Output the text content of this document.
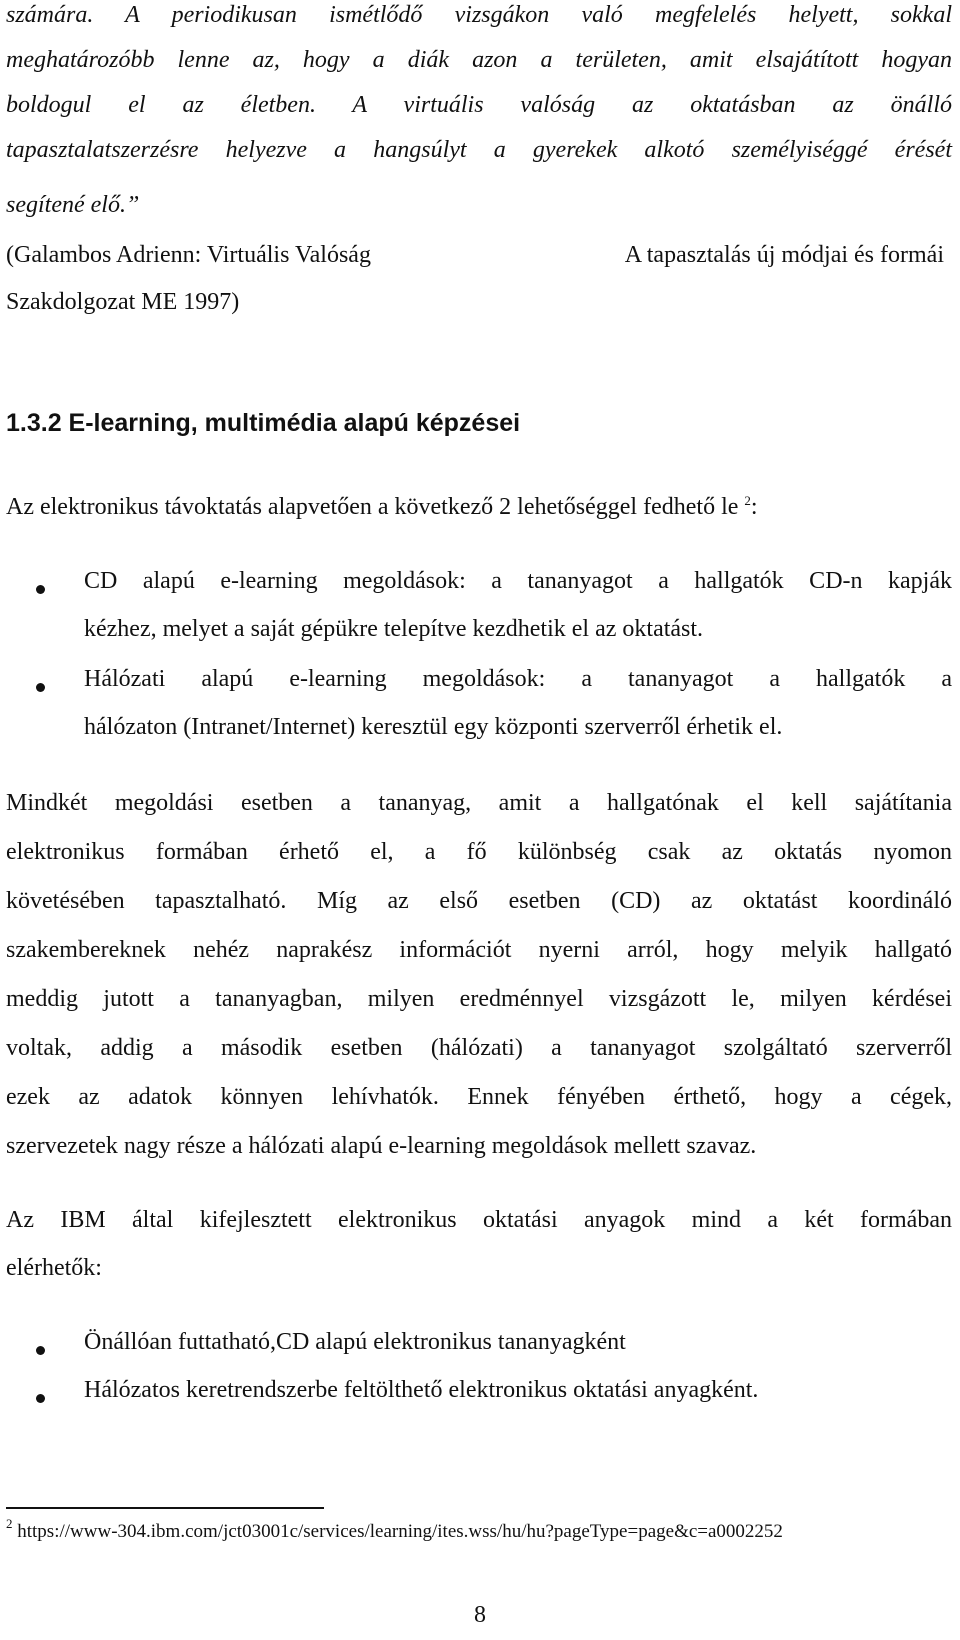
számára. A periodikusan ismétlődő vizsgákon való megfelelés helyett, sokkal
meghatározóbb lenne az, hogy a diák azon a területen, amit elsajátított hogyan
boldogul el az életben. A virtuális valóság az oktatásban az önálló
tapasztalatszerzésre helyezve a hangsúlyt a gyerekek alkotó személyiséggé érését
segítené elő.”
(Galambos Adrienn: Virtuális Valóság	A tapasztalás új módjai és formái
Szakdolgozat ME 1997)
1.3.2 E-learning, multimédia alapú képzései
Az elektronikus távoktatás alapvetően a következő 2 lehetőséggel fedhető le $^2$:
CD alapú e-learning megoldások: a tananyagot a hallgatók CD-n kapják
kézhez, melyet a saját gépükre telepítve kezdhetik el az oktatást.
Hálózati alapú e-learning megoldások: a tananyagot a hallgatók a
hálózaton (Intranet/Internet) keresztül egy központi szerverről érhetik el.
Mindkét megoldási esetben a tananyag, amit a hallgatónak el kell sajátítania
elektronikus formában érhető el, a fő különbség csak az oktatás nyomon
követésében tapasztalható. Míg az első esetben (CD) az oktatást koordináló
szakembereknek nehéz naprakész információt nyerni arról, hogy melyik hallgató
meddig jutott a tananyagban, milyen eredménnyel vizsgázott le, milyen kérdései
voltak, addig a második esetben (hálózati) a tananyagot szolgáltató szerverről
ezek az adatok könnyen lehívhatók. Ennek fényében érthető, hogy a cégek,
szervezetek nagy része a hálózati alapú e-learning megoldások mellett szavaz.
Az IBM által kifejlesztett elektronikus oktatási anyagok mind a két formában
elérhetők:
Önállóan futtatható,CD alapú elektronikus tananyagként
Hálózatos keretrendszerbe feltölthető elektronikus oktatási anyagként.
$^2$ https://www-304.ibm.com/jct03001c/services/learning/ites.wss/hu/hu?pageType=page&c=a0002252
8
